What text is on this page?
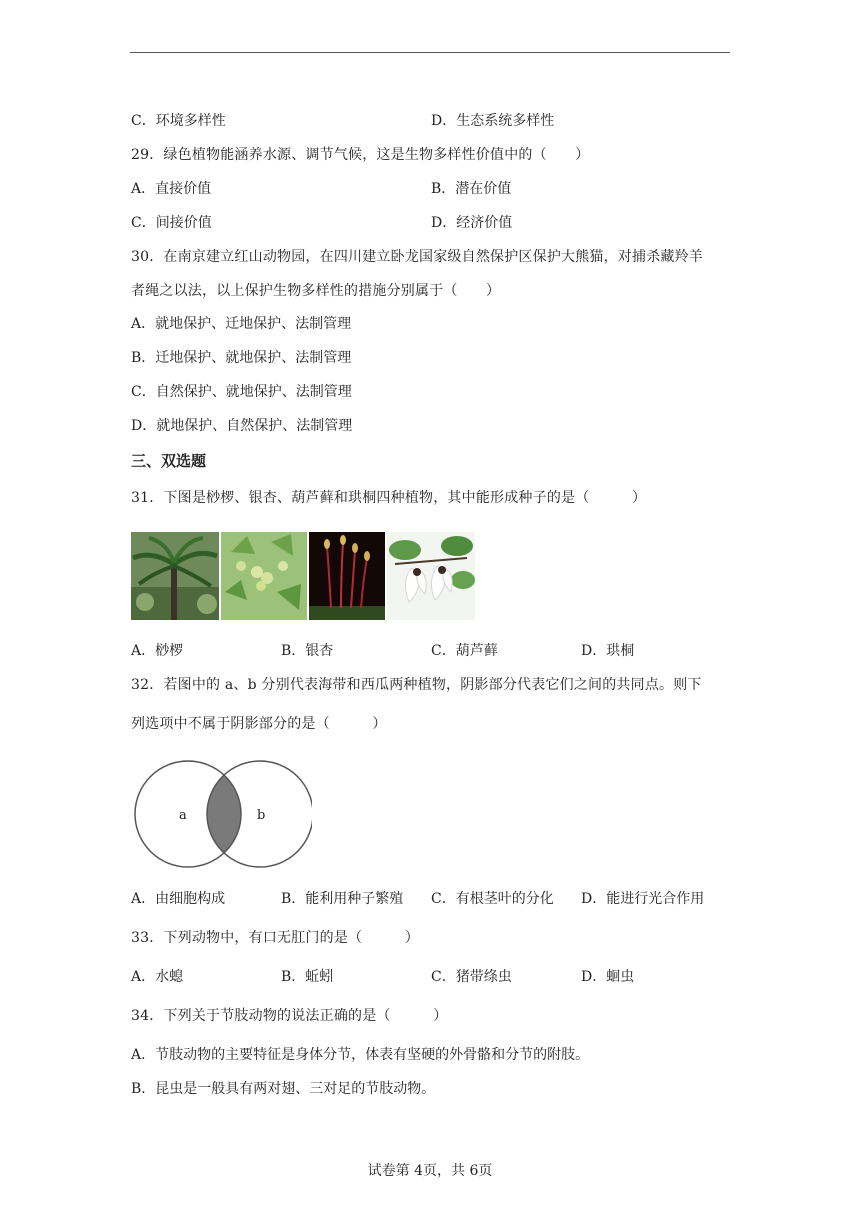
C．环境多样性	D．生态系统多样性
29．绿色植物能涵养水源、调节气候，这是生物多样性价值中的（　　）
A．直接价值	B．潜在价值
C．间接价值	D．经济价值
30．在南京建立红山动物园，在四川建立卧龙国家级自然保护区保护大熊猫，对捕杀藏羚羊
者绳之以法，以上保护生物多样性的措施分别属于（　　）
A．就地保护、迁地保护、法制管理
B．迁地保护、就地保护、法制管理
C．自然保护、就地保护、法制管理
D．就地保护、自然保护、法制管理
三、双选题
31．下图是桫椤、银杏、葫芦藓和珙桐四种植物，其中能形成种子的是（　　　）
A．桫椤	B．银杏	C．葫芦藓	D．珙桐
32．若图中的 a、b 分别代表海带和西瓜两种植物，阴影部分代表它们之间的共同点。则下
列选项中不属于阴影部分的是（　　　）
a	b
A．由细胞构成	B．能利用种子繁殖 C．有根茎叶的分化 D．能进行光合作用
33．下列动物中，有口无肛门的是（　　　）
A．水螅	B．蚯蚓	C．猪带绦虫	D．蛔虫
34．下列关于节肢动物的说法正确的是（　　　）
A．节肢动物的主要特征是身体分节，体表有坚硬的外骨骼和分节的附肢。
B．昆虫是一般具有两对翅、三对足的节肢动物。
试卷第 4页，共 6页
